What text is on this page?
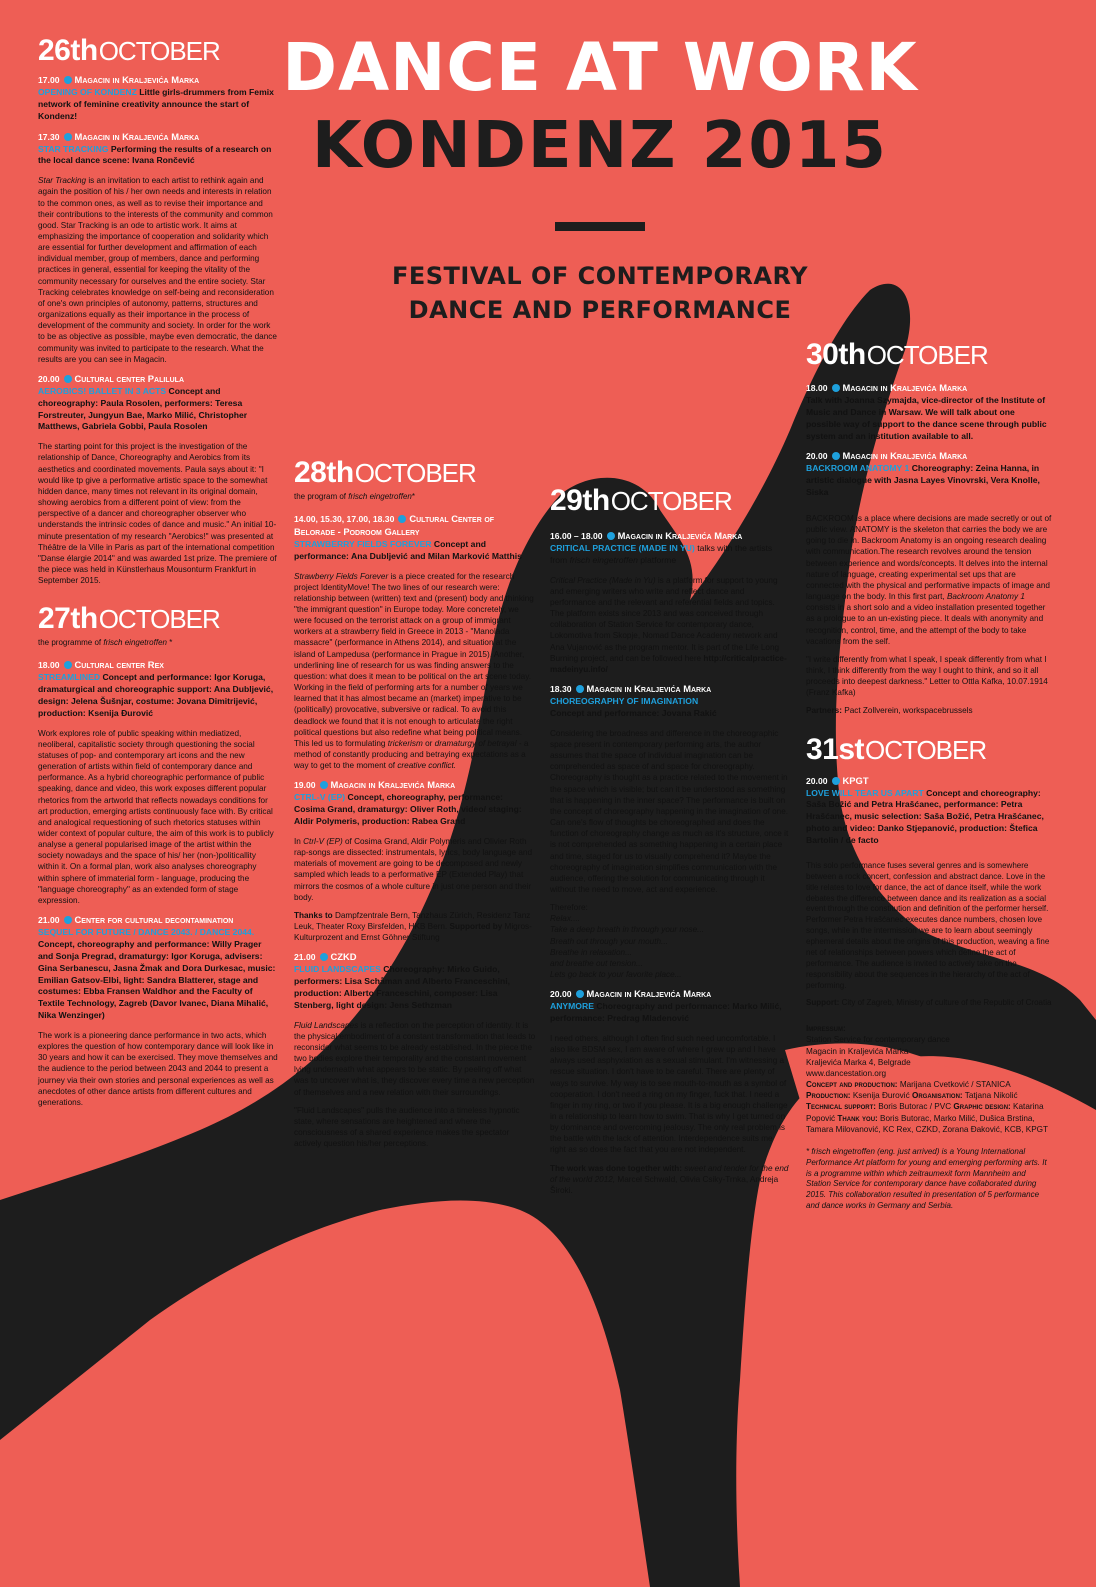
DANCE AT WORK
KONDENZ 2015
FESTIVAL OF CONTEMPORARY DANCE AND PERFORMANCE
26thOCTOBER
17.00 Magacin in Kraljevića Marka
OPENING OF KONDENZ Little girls-drummers from Femix network of feminine creativity announce the start of Kondenz!
17.30 Magacin in Kraljevića Marka
STAR TRACKING Performing the results of a research on the local dance scene: Ivana Rončević

Star Tracking is an invitation to each artist to rethink again and again the position of his / her own needs and interests in relation to the common ones, as well as to revise their importance and their contributions to the interests of the community and common good. Star Tracking is an ode to artistic work. It aims at emphasizing the importance of cooperation and solidarity which are essential for further development and affirmation of each individual member, group of members, dance and performing practices in general, essential for keeping the vitality of the community necessary for ourselves and the entire society. Star Tracking celebrates knowledge on self-being and reconsideration of one's own principles of autonomy, patterns, structures and organizations equally as their importance in the process of development of the community and society. In order for the work to be as objective as possible, maybe even democratic, the dance community was invited to participate to the research. What the results are you can see in Magacin.

20.00 Cultural center Palilula
AEROBICS! BALLET IN 3 ACTS Concept and choreography: Paula Rosolen, performers: Teresa Forstreuter, Jungyun Bae, Marko Milić, Christopher Matthews, Gabriela Gobbi, Paula Rosolen

The starting point for this project is the investigation of the relationship of Dance, Choreography and Aerobics from its aesthetics and coordinated movements. Paula says about it: "I would like tp give a performative artistic space to the somewhat hidden dance, many times not relevant in its original domain, showing aerobics from a different point of view: from the perspective of a dancer and choreographer observer who understands the intrinsic codes of dance and music." An initial 10-minute presentation of my research "Aerobics!" was presented at Théâtre de la Ville in Paris as part of the international competition "Danse élargie 2014" and was awarded 1st prize. The premiere of the piece was held in Künstlerhaus Mousonturm Frankfurt in September 2015.

27thOCTOBER
the programme of frisch eingetroffen *
18.00 Cultural center Rex
STREAMLINED Concept and performance: Igor Koruga, dramaturgical and choreographic support: Ana Dubljević, design: Jelena Šušnjar, costume: Jovana Dimitrijević, production: Ksenija Đurović

Work explores role of public speaking within mediatized, neoliberal, capitalistic society through questioning the social statuses of pop- and contemporary art icons and the new generation of artists within field of contemporary dance and performance. As a hybrid choreographic performance of public speaking, dance and video, this work exposes different popular rhetorics from the artworld that reflects nowadays conditions for art production, emerging artists continuously face with. By critical and analogical requestioning of such rhetorics statuses within wider context of popular culture, the aim of this work is to publicly analyse a general popularised image of the artist within the society nowadays and the space of his/ her (non-)politicallity within it. On a formal plan, work also analyses choreography within sphere of immaterial form - language, producing the "language choreography" as an extended form of stage expression.

21.00 Center for cultural decontamination
SEQUEL FOR FUTURE / DANCE 2043. / DANCE 2044. Concept, choreography and performance: Willy Prager and Sonja Pregrad, dramaturgy: Igor Koruga, advisers: Gina Serbanescu, Jasna Žmak and Dora Durkesac, music: Emilian Gatsov-Elbi, light: Sandra Blatterer, stage and costumes: Ebba Fransen Waldhor and the Faculty of Textile Technology, Zagreb (Davor Ivanec, Diana Mihalić, Nika Wenzinger)

The work is a pioneering dance performance in two acts, which explores the question of how contemporary dance will look like in 30 years and how it can be exercised. They move themselves and the audience to the period between 2043 and 2044 to present a journey via their own stories and personal experiences as well as anecdotes of other dance artists from different cultures and generations.

28thOCTOBER
the program of frisch eingetroffen*
14.00, 15.30, 17.00, 18.30 Cultural Center of Belorade - Podroom Gallery
STRAWBERRY FIELDS FOREVER Concept and performance: Ana Dubljević and Milan Marković Matthis

Strawberry Fields Forever is a piece created for the research project IdentityMove! The two lines of our research were: relationship between (written) text and (present) body and thinking "the immigrant question" in Europe today. More concretely, we were focused on the terrorist attack on a group of immigrant workers at a strawberry field in Greece in 2013 - "Manolada massacre" (performance in Athens 2014), and situation at the island of Lampedusa (performance in Prague in 2015). Another, underlining line of research for us was finding answers to the question: what does it mean to be political on the art scene today. Working in the field of performing arts for a number of years we learned that it has almost became an (market) imperative to be (politically) provocative, subversive or radical. To avoid this deadlock we found that it is not enough to articulate the right political questions but also redefine what being political means. This led us to formulating trickerism or dramaturgy of betrayal - a method of constantly producing and betraying expectations as a way to get to the moment of creative conflict.

19.00 Magacin in Kraljevića Marka
CTRL-V (EP) Concept, choreography, performance: Cosima Grand, dramaturgy: Oliver Roth, video/ staging: Aldir Polymeris, production: Rabea Grand

In Ctrl-V (EP) of Cosima Grand, Aldir Polymeris and Olivier Roth rap-songs are dissected: instrumentals, lyrics, body language and materials of movement are going to be decomposed and newly sampled which leads to a performative EP (Extended Play) that mirrors the cosmos of a whole culture in just one person and their body.

Thanks to Dampfzentrale Bern, Tanzhaus Zürich, Residenz Tanz Leuk, Theater Roxy Birsfelden, HKB Bern. Supported by Migros-Kulturprozent and Ernst Göhner Stiftung

21.00 CZKD
FLUID LANDSCAPES Choreography: Mirko Guido, performers: Lisa Schåman and Alberto Franceschini, production: Alberto Franceschini, composer: Lisa Stenberg, light design: Jens Sethzman

Fluid Landscapes is a reflection on the perception of identity. It is the physical embodiment of a constant transformation that leads to reconsider what seems to be already established. In the piece the two bodies explore their temporality and the constant movement lying underneath what appears to be static. By peeling off what was to uncover what is, they discover every time a new perception of themselves and a new relation with their surroundings.

"Fluid Landscapes" pulls the audience into a timeless hypnotic state, where sensations are heightened and where the consciousness of a shared experience makes the spectator actively question his/her perceptions.

29thOCTOBER
16.00 – 18.00 Magacin in Kraljevića Marka
CRITICAL PRACTICE (MADE IN YU) talks with the artists from frisch eingetroffen platforme

Critical Practice (Made in Yu) is a platform for support to young and emerging writers who write and reflect dance and performance and the relevant and referential fields and topics. The platform exists since 2013 and was conceived through collaboration of Station Service for contemporary dance, Lokomotiva from Skopje, Nomad Dance Academy network and Ana Vujanović as the program mentor. It is part of the Life Long Burning project, and can be followed here http://criticalpractice-madeinyu.info/

18.30 Magacin in Kraljevića Marka
CHOREOGRAPHY OF IMAGINATION
Concept and performance: Jovana Rakić

Considering the broadness and difference in the choreographic space present in contemporary performing arts, the author assumes that the space of individual imagination can be comprehended as space of and space for choreography. Choreography is thought as a practice related to the movement in the space which is visible; but can it be understood as something that is happening in the inner space? The performance is built on the concept of choreography happening in the imagination of one. Can one's flow of thoughts be choreographed and does the function of choreography change as much as it's structure, once it is not comprehended as something happening in a certain place and time, staged for us to visually comprehend it? Maybe the choreography of imagination simplifies communication with the audience, offering the solution for communicating through it without the need to move, act and experience.

Therefore:
Relax....
Take a deep breath in through your nose...
Breath out through your mouth...
Breathe in relaxation...
and breathe out tension...
Lets go back to your favorite place...

20.00 Magacin in Kraljevića Marka
ANYMORE Choreography and performance: Marko Milić, performance: Predrag Mladenović

I need others, although I often find such need uncomfortable. I also like BDSM sex, I am aware of where I grew up and I have always used asphyxiation as a sexual stimulant. I'm witnessing a rescue situation. I don't have to be careful. There are plenty of ways to survive. My way is to see mouth-to-mouth as a symbol of cooperation. I don't need a ring on my finger, fuck that. I need a finger in my ring, or two if you please. It is a big enough challenge in a relationship to learn how to swim. That is why I get turned on by dominance and overcoming jealousy. The only real problem is the battle with the lack of attention. Interdependence suits me right as so does the fact that you are not independent.

The work was done together with: sweet and tender for the end of the world 2012, Marcel Schwald, Olivia Csiky-Trnka, Andreja Široki.

30thOCTOBER
18.00 Magacin in Kraljevića Marka
Talk with Joanna Szymajda, vice-director of the Institute of Music and Dance in Warsaw. We will talk about one possible way of support to the dance scene through public system and an institution available to all.
20.00 Magacin in Kraljevića Marka
BACKROOM ANATOMY 1 Choreography: Zeina Hanna, in artistic dialogue with Jasna Layes Vinovrski, Vera Knolle, Siska

BACKROOM is a place where decisions are made secretly or out of public view. ANATOMY is the skeleton that carries the body we are going to die in. Backroom Anatomy is an ongoing research dealing with communication.The research revolves around the tension between experience and words/concepts. It delves into the internal nature of language, creating experimental set ups that are connected with the physical and performative impacts of image and language on the body. In this first part, Backroom Anatomy 1 consists in a short solo and a video installation presented together as a prologue to an un-existing piece. It deals with anonymity and recognition, control, time, and the attempt of the body to take vacations from the self.

"I write differently from what I speak, I speak differently from what I think, I think differently from the way I ought to think, and so it all proceeds into deepest darkness." Letter to Ottla Kafka, 10.07.1914 (Franz Kafka)

Partners: Pact Zollverein, workspacebrussels

31stOCTOBER
20.00 KPGT
LOVE WILL TEAR US APART Concept and choreography: Saša Božić and Petra Hrašćanec, performance: Petra Hrašćanec, music selection: Saša Božić, Petra Hrašćanec, photo and video: Danko Stjepanović, production: Štefica Bartolin / de facto

This solo performance fuses several genres and is somewhere between a rock concert, confession and abstract dance. Love in the title relates to love for dance, the act of dance itself, while the work debates the difference between dance and its realization as a social event through the constitution and definition of the performer herself. Performer Petra Hrašćanec executes dance numbers, chosen love songs, while in the intermission we are to learn about seemingly ephemeral details about the origins of this production, weaving a fine net of relationships between powers which define the act of performance. The audience is invited to actively take on the responsibility about the sequences in the hierarchy of the act of performing.

Support: City of Zagreb, Ministry of culture of the Republic of Croatia

Impressum:
Station Service for contemporary dance
Magacin in Kraljevića Marka
Kraljevića Marka 4, Belgrade
www.dancestation.org
Concept and production: Marijana Cvetković / STANICA
Production: Ksenija Đurović Organisation: Tatjana Nikolić
Technical support: Boris Butorac / PVC Graphic design: Katarina Popović Thank you: Boris Butorac, Marko Milić, Dušica Brstina, Tamara Milovanović, KC Rex, CZKD, Zorana Đaković, KCB, KPGT

* frisch eingetroffen (eng. just arrived) is a Young International Performance Art platform for young and emerging performing arts. It is a programme within which zeitraumexit form Mannheim and Station Service for contemporary dance have collaborated during 2015. This collaboration resulted in presentation of 5 performance and dance works in Germany and Serbia.
